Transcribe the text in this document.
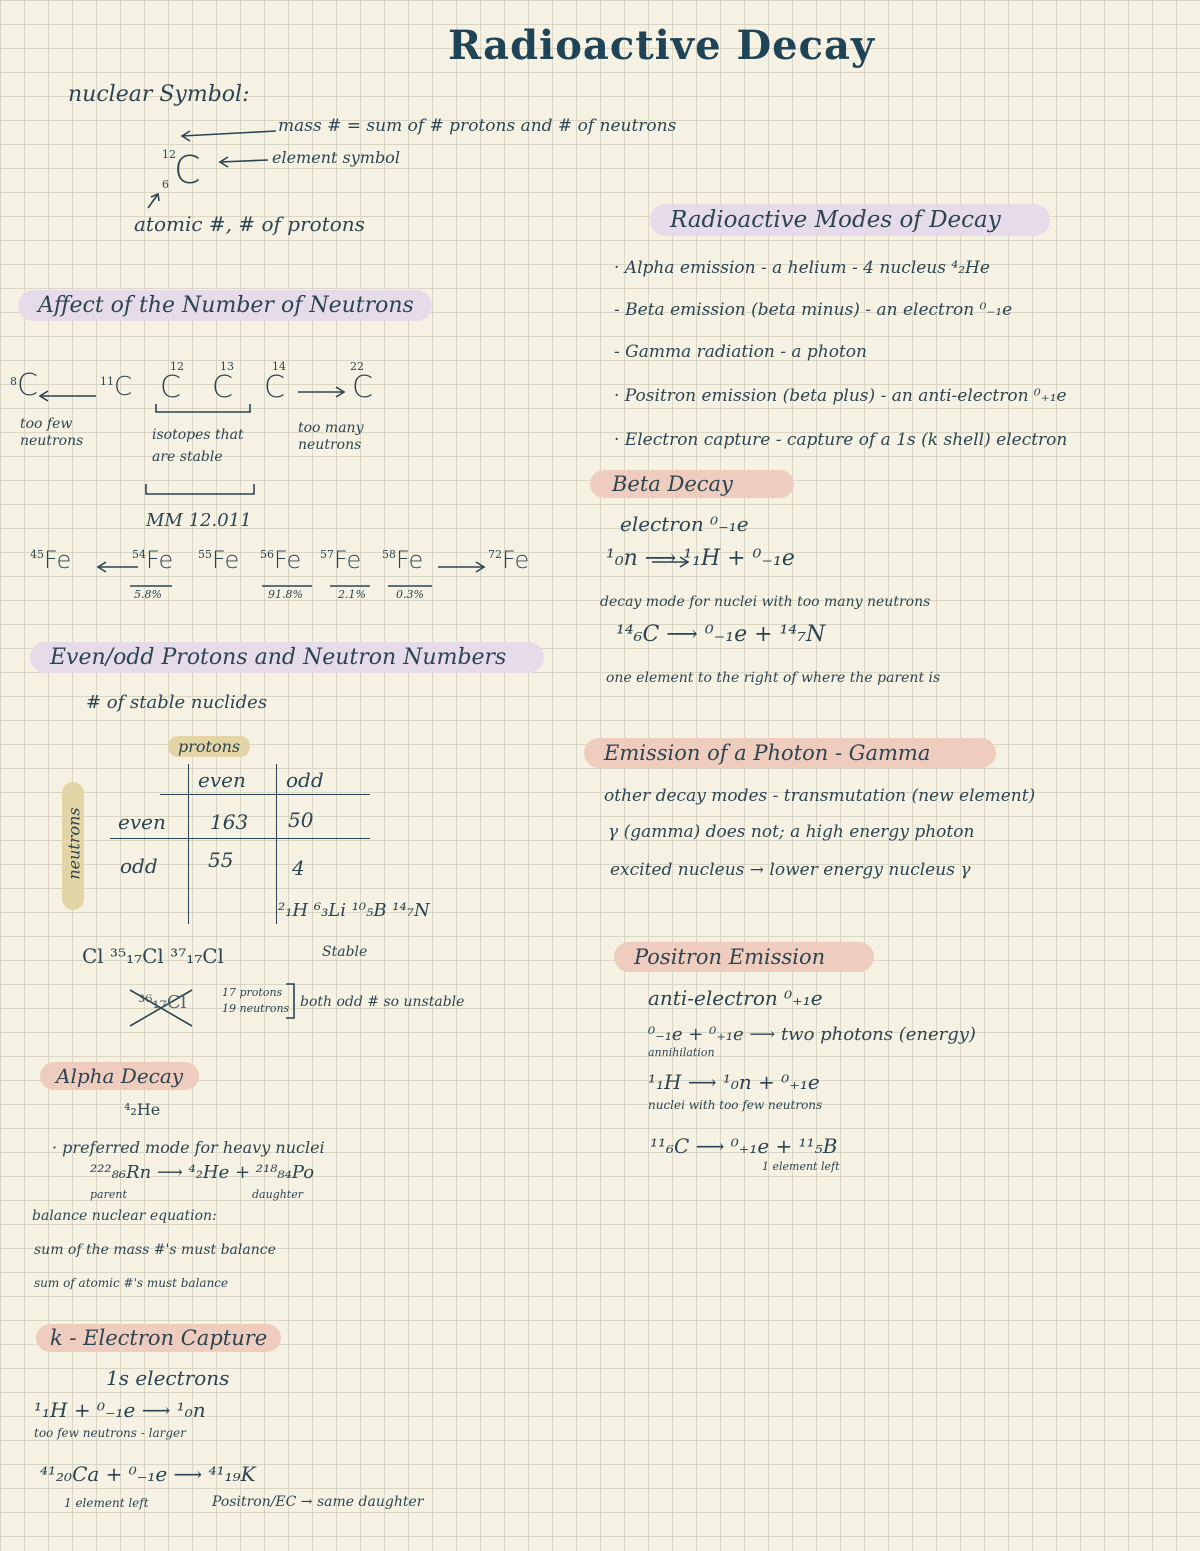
Radioactive Decay
nuclear Symbol:
mass # = sum of # protons and # of neutrons
element symbol
12
6 C
atomic #, # of protons
Affect of the Number of Neutrons
$^8$C	$^{11}$C
12
C
13
C
14
C
22
C
too few neutrons	isotopes that are stable
too many neutrons
MM 12.011
$^{45}$Fe	$^{54}$Fe
5.8%
$^{55}$Fe $^{56}$Fe
91.8%
$^{57}$Fe
2.1%
$^{58}$Fe
0.3%
$^{72}$Fe
Even/odd Protons and Neutron Numbers
# of stable nuclides
protons
neutrons
even odd
even 163 50
odd	55	4
²₁H ⁶₃Li ¹⁰₅B ¹⁴₇N
Stable
Cl ³⁵₁₇Cl ³⁷₁₇Cl
³⁶₁₇Cl	17 protons
19 neutrons both odd # so unstable
Alpha Decay
⁴₂He
· preferred mode for heavy nuclei
²²²₈₆Rn ⟶ ⁴₂He + ²¹⁸₈₄Po
parent	daughter
balance nuclear equation:
sum of the mass #'s must balance
sum of atomic #'s must balance
k - Electron Capture
1s electrons
¹₁H + ⁰₋₁e ⟶ ¹₀n
too few neutrons - larger
⁴¹₂₀Ca + ⁰₋₁e ⟶ ⁴¹₁₉K
1 element left	Positron/EC → same daughter
Radioactive Modes of Decay
· Alpha emission - a helium - 4 nucleus ⁴₂He
- Beta emission (beta minus) - an electron ⁰₋₁e
- Gamma radiation - a photon
· Positron emission (beta plus) - an anti-electron ⁰₊₁e
· Electron capture - capture of a 1s (k shell) electron
Beta Decay
electron ⁰₋₁e
¹₀n ⟶ ¹₁H + ⁰₋₁e
decay mode for nuclei with too many neutrons
¹⁴₆C ⟶ ⁰₋₁e + ¹⁴₇N
one element to the right of where the parent is
Emission of a Photon - Gamma
other decay modes - transmutation (new element)
γ (gamma) does not; a high energy photon
excited nucleus → lower energy nucleus γ
Positron Emission
anti-electron ⁰₊₁e
⁰₋₁e + ⁰₊₁e ⟶ two photons (energy)
annihilation
¹₁H ⟶ ¹₀n + ⁰₊₁e
nuclei with too few neutrons
¹¹₆C ⟶ ⁰₊₁e + ¹¹₅B
1 element left
